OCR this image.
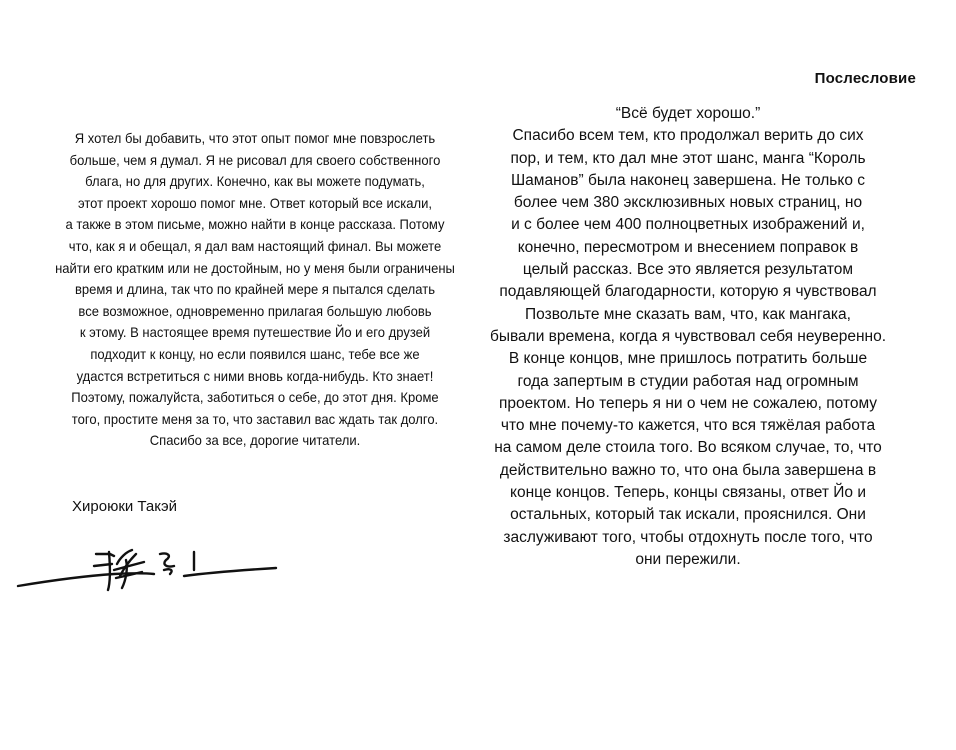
Послесловие
Я хотел бы добавить, что этот опыт помог мне повзрослеть
больше, чем я думал. Я не рисовал для своего собственного
блага, но для других. Конечно, как вы можете подумать,
этот проект хорошо помог мне. Ответ который все искали,
а также в этом письме, можно найти в конце рассказа. Потому
что, как я и обещал, я дал вам настоящий финал. Вы можете
найти его кратким или не достойным, но у меня были ограничены
время и длина, так что по крайней мере я пытался сделать
все возможное, одновременно прилагая большую любовь
к этому. В настоящее время путешествие Йо и его друзей
подходит к концу, но если появился шанс, тебе все же
удастся встретиться с ними вновь когда-нибудь. Кто знает!
Поэтому, пожалуйста, заботиться о себе, до этот дня. Кроме
того, простите меня за то, что заставил вас ждать так долго.
Спасибо за все, дорогие читатели.
Хироюки Такэй
“Всё будет хорошо.”
Спасибо всем тем, кто продолжал верить до сих
пор, и тем, кто дал мне этот шанс, манга “Король
Шаманов” была наконец завершена. Не только с
более чем 380 эксклюзивных новых страниц, но
и с более чем 400 полноцветных изображений и,
конечно, пересмотром и внесением поправок в
целый рассказ. Все это является результатом
подавляющей благодарности, которую я чувствовал
Позвольте мне сказать вам, что, как мангака,
бывали времена, когда я чувствовал себя неуверенно.
В конце концов, мне пришлось потратить больше
года запертым в студии работая над огромным
проектом. Но теперь я ни о чем не сожалею, потому
что мне почему-то кажется, что вся тяжёлая работа
на самом деле стоила того. Во всяком случае, то, что
действительно важно то, что она была завершена в
конце концов. Теперь, концы связаны, ответ Йо и
остальных, который так искали, прояснился. Они
заслуживают того, чтобы отдохнуть после того, что
они пережили.
